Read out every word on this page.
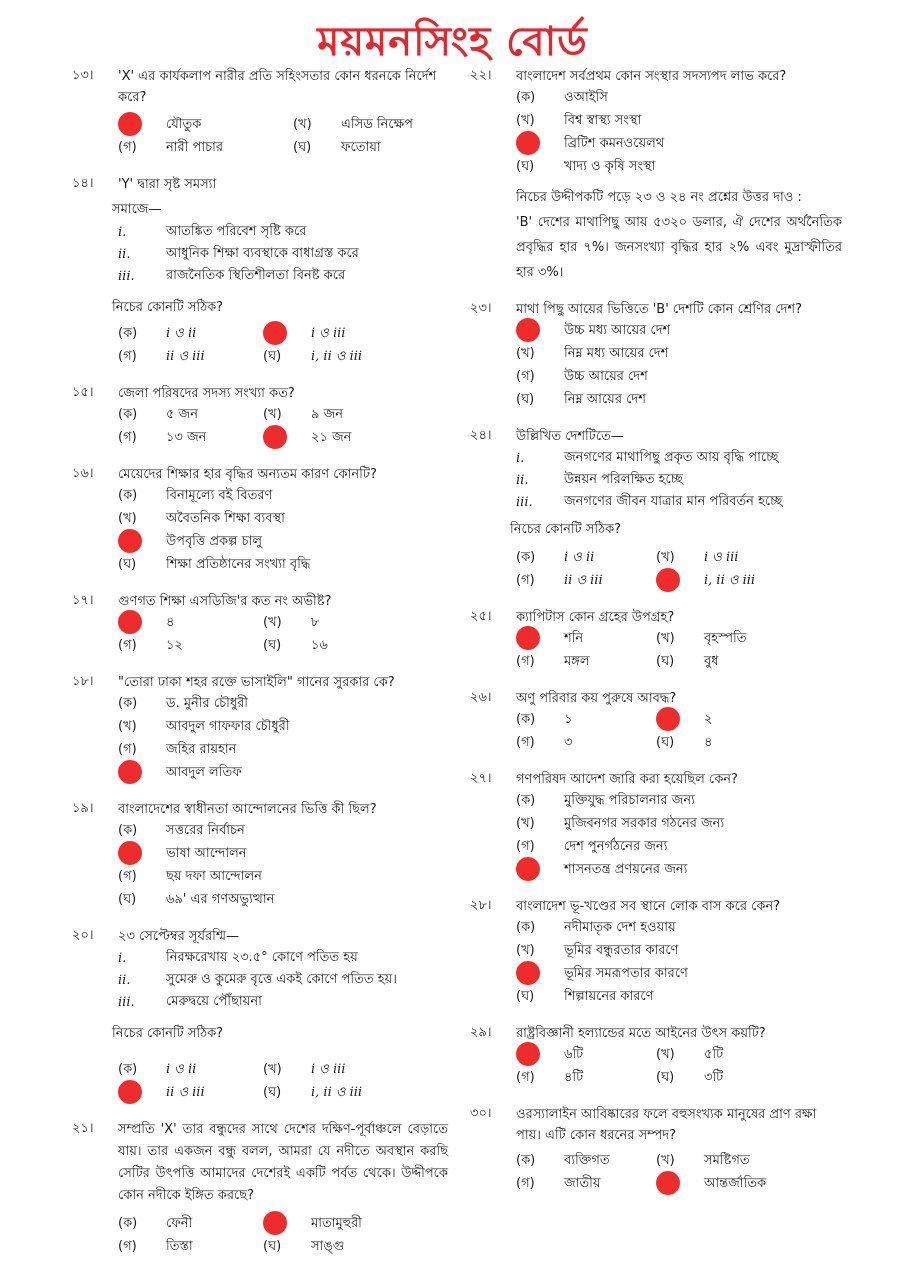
ময়মনসিংহ বোর্ড
১৩।	'X' এর কার্যকলাপ নারীর প্রতি সহিংসতার কোন ধরনকে নির্দেশ করে?
যৌতুক	(খ)	এসিড নিক্ষেপ
(গ)	নারী পাচার	(ঘ)	ফতোয়া
১৪।	'Y' দ্বারা সৃষ্ট সমস্যা
সমাজে—
i.	আতঙ্কিত পরিবেশ সৃষ্টি করে
ii.	আধুনিক শিক্ষা ব্যবস্থাকে বাধাগ্রস্ত করে
iii.	রাজনৈতিক স্থিতিশীলতা বিনষ্ট করে
নিচের কোনটি সঠিক?
(ক)	i ও ii	i ও iii
(গ)	ii ও iii	(ঘ)	i, ii ও iii
১৫।	জেলা পরিষদের সদস্য সংখ্যা কত?
(ক)	৫ জন	(খ)	৯ জন
(গ)	১৩ জন	২১ জন
১৬।	মেয়েদের শিক্ষার হার বৃদ্ধির অন্যতম কারণ কোনটি?
(ক)	বিনামূল্যে বই বিতরণ
(খ)	অবৈতনিক শিক্ষা ব্যবস্থা
উপবৃত্তি প্রকল্প চালু
(ঘ)	শিক্ষা প্রতিষ্ঠানের সংখ্যা বৃদ্ধি
১৭।	গুণগত শিক্ষা এসডিজি'র কত নং অভীষ্ট?
৪	(খ)	৮
(গ)	১২	(ঘ)	১৬
১৮।	"তোরা ঢাকা শহর রক্তে ভাসাইলি" গানের সুরকার কে?
(ক)	ড. মুনীর চৌধুরী
(খ)	আবদুল গাফফার চৌধুরী
(গ)	জহির রায়হান
আবদুল লতিফ
১৯।	বাংলাদেশের স্বাধীনতা আন্দোলনের ভিত্তি কী ছিল?
(ক)	সত্তরের নির্বাচন
ভাষা আন্দোলন
(গ)	ছয় দফা আন্দোলন
(ঘ)	৬৯' এর গণঅভ্যুত্থান
২০।	২৩ সেপ্টেম্বর সূর্যরশ্মি—
i.	নিরক্ষরেখায় ২৩.৫° কোণে পতিত হয়
ii.	সুমেরু ও কুমেরু বৃত্তে একই কোণে পতিত হয়।
iii.	মেরুদ্বয়ে পৌঁছায়না
নিচের কোনটি সঠিক?
(ক)	i ও ii	(খ)	i ও iii
ii ও iii	(ঘ)	i, ii ও iii
২১।	সম্প্রতি 'X' তার বন্ধুদের সাথে দেশের দক্ষিণ-পূর্বাঞ্চলে বেড়াতে যায়। তার একজন বন্ধু বলল, আমরা যে নদীতে অবস্থান করছি সেটির উৎপত্তি আমাদের দেশেরই একটি পর্বত থেকে। উদ্দীপকে কোন নদীকে ইঙ্গিত করছে?
(ক)	ফেনী	মাতামুহুরী
(গ)	তিস্তা	(ঘ)	সাঙ্গু
২২।	বাংলাদেশ সর্বপ্রথম কোন সংস্থার সদস্যপদ লাভ করে?
(ক)	ওআইসি
(খ)	বিশ্ব স্বাস্থ্য সংস্থা
ব্রিটিশ কমনওয়েলথ
(ঘ)	খাদ্য ও কৃষি সংস্থা
নিচের উদ্দীপকটি পড়ে ২৩ ও ২৪ নং প্রশ্নের উত্তর দাও :
'B' দেশের মাথাপিছু আয় ৫৩২০ ডলার, ঐ দেশের অর্থনৈতিক প্রবৃদ্ধির হার ৭%। জনসংখ্যা বৃদ্ধির হার ২% এবং মুদ্রাস্ফীতির হার ৩%।
২৩।	মাথা পিছু আয়ের ভিত্তিতে 'B' দেশটি কোন শ্রেণির দেশ?
উচ্চ মধ্য আয়ের দেশ
(খ)	নিম্ন মধ্য আয়ের দেশ
(গ)	উচ্চ আয়ের দেশ
(ঘ)	নিম্ন আয়ের দেশ
২৪।	উল্লিখিত দেশটিতে—
i.	জনগণের মাথাপিছু প্রকৃত আয় বৃদ্ধি পাচ্ছে
ii.	উন্নয়ন পরিলক্ষিত হচ্ছে
iii.	জনগণের জীবন যাত্রার মান পরিবর্তন হচ্ছে
নিচের কোনটি সঠিক?
(ক)	i ও ii	(খ)	i ও iii
(গ)	ii ও iii	i, ii ও iii
২৫।	ক্যাপিটাস কোন গ্রহের উপগ্রহ?
শনি	(খ)	বৃহস্পতি
(গ)	মঙ্গল	(ঘ)	বুধ
২৬।	অণু পরিবার কয় পুরুষে আবদ্ধ?
(ক)	১	২
(গ)	৩	(ঘ)	৪
২৭।	গণপরিষদ আদেশ জারি করা হয়েছিল কেন?
(ক)	মুক্তিযুদ্ধ পরিচালনার জন্য
(খ)	মুজিবনগর সরকার গঠনের জন্য
(গ)	দেশ পুনর্গঠনের জন্য
শাসনতন্ত্র প্রণয়নের জন্য
২৮।	বাংলাদেশ ভূ-খণ্ডের সব স্থানে লোক বাস করে কেন?
(ক)	নদীমাতৃক দেশ হওয়ায়
(খ)	ভূমির বন্ধুরতার কারণে
ভূমির সমরূপতার কারণে
(ঘ)	শিল্পায়নের কারণে
২৯।	রাষ্ট্রবিজ্ঞানী হল্যান্ডের মতে আইনের উৎস কয়টি?
৬টি	(খ)	৫টি
(গ)	৪টি	(ঘ)	৩টি
৩০।	ওরস্যালাইন আবিষ্কারের ফলে বহুসংখ্যক মানুষের প্রাণ রক্ষা পায়। এটি কোন ধরনের সম্পদ?
(ক)	ব্যক্তিগত	(খ)	সমষ্টিগত
(গ)	জাতীয়	আন্তর্জাতিক
